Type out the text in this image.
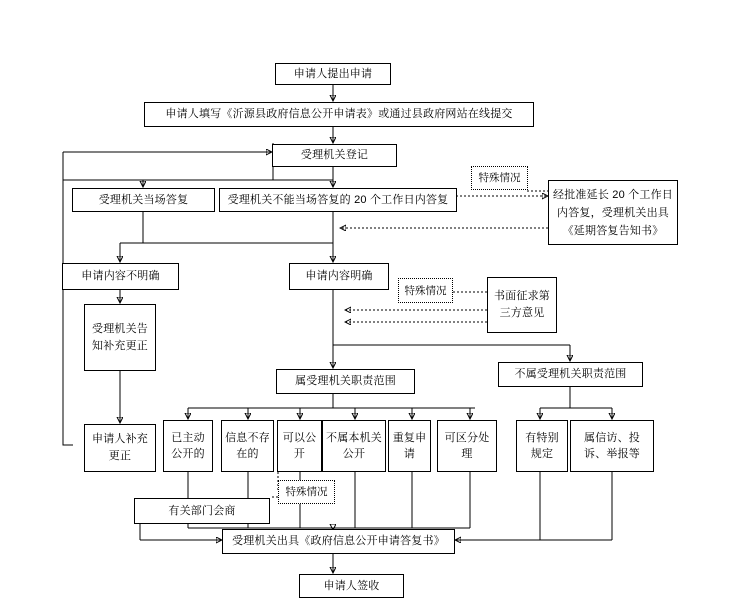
申请人提出申请
申请人填写《沂源县政府信息公开申请表》或通过县政府网站在线提交
受理机关登记
受理机关当场答复	受理机关不能当场答复的 20 个工作日内答复
特殊情况
经批准延长 20 个工作日内答复，受理机关出具《延期答复告知书》
申请内容不明确	申请内容明确
特殊情况	书面征求第三方意见
受理机关告知补充更正
申请人补充更正
属受理机关职责范围
不属受理机关职责范围
已主动公开的
信息不存在的
可以公开
不属本机关公开
重复申请
可区分处理
有特别规定
属信访、投诉、举报等
特殊情况
有关部门会商
受理机关出具《政府信息公开申请答复书》
申请人签收
